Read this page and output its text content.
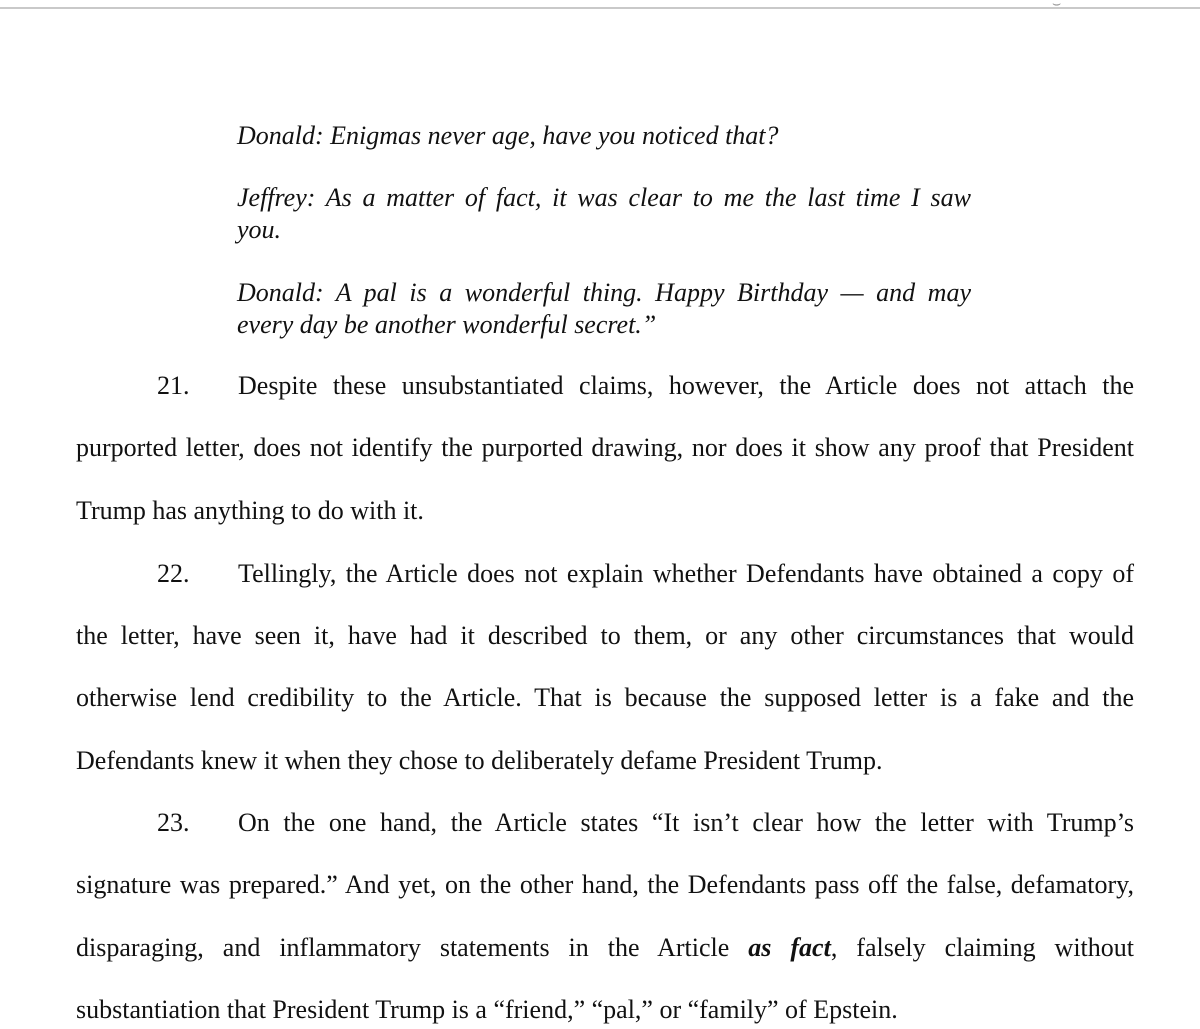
⌣
Donald: Enigmas never age, have you noticed that?
Jeffrey: As a matter of fact, it was clear to me the last time I saw
you.
Donald: A pal is a wonderful thing. Happy Birthday — and may
every day be another wonderful secret.”
21. Despite these unsubstantiated claims, however, the Article does not attach the
purported letter, does not identify the purported drawing, nor does it show any proof that President
Trump has anything to do with it.
22. Tellingly, the Article does not explain whether Defendants have obtained a copy of
the letter, have seen it, have had it described to them, or any other circumstances that would
otherwise lend credibility to the Article. That is because the supposed letter is a fake and the
Defendants knew it when they chose to deliberately defame President Trump.
23. On the one hand, the Article states “It isn’t clear how the letter with Trump’s
signature was prepared.” And yet, on the other hand, the Defendants pass off the false, defamatory,
disparaging, and inflammatory statements in the Article as fact, falsely claiming without
substantiation that President Trump is a “friend,” “pal,” or “family” of Epstein.
